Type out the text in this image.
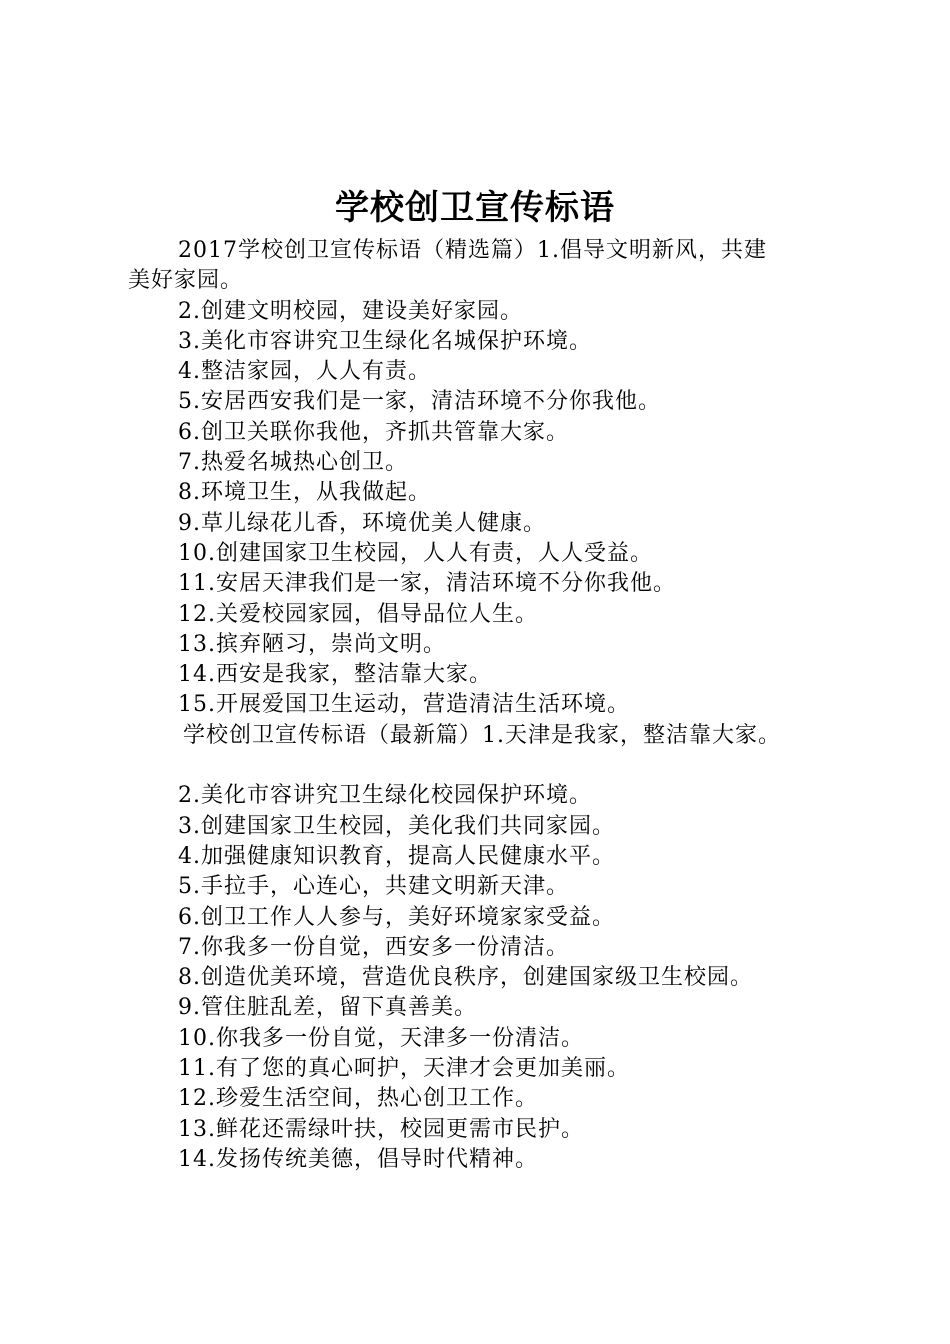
学校创卫宣传标语
2017学校创卫宣传标语（精选篇）1.倡导文明新风，共建
美好家园。
2.创建文明校园，建设美好家园。
3.美化市容讲究卫生绿化名城保护环境。
4.整洁家园，人人有责。
5.安居西安我们是一家，清洁环境不分你我他。
6.创卫关联你我他，齐抓共管靠大家。
7.热爱名城热心创卫。
8.环境卫生，从我做起。
9.草儿绿花儿香，环境优美人健康。
10.创建国家卫生校园，人人有责，人人受益。
11.安居天津我们是一家，清洁环境不分你我他。
12.关爱校园家园，倡导品位人生。
13.摈弃陋习，崇尚文明。
14.西安是我家，整洁靠大家。
15.开展爱国卫生运动，营造清洁生活环境。
学校创卫宣传标语（最新篇）1.天津是我家，整洁靠大家。
2.美化市容讲究卫生绿化校园保护环境。
3.创建国家卫生校园，美化我们共同家园。
4.加强健康知识教育，提高人民健康水平。
5.手拉手，心连心，共建文明新天津。
6.创卫工作人人参与，美好环境家家受益。
7.你我多一份自觉，西安多一份清洁。
8.创造优美环境，营造优良秩序，创建国家级卫生校园。
9.管住脏乱差，留下真善美。
10.你我多一份自觉，天津多一份清洁。
11.有了您的真心呵护，天津才会更加美丽。
12.珍爱生活空间，热心创卫工作。
13.鲜花还需绿叶扶，校园更需市民护。
14.发扬传统美德，倡导时代精神。
